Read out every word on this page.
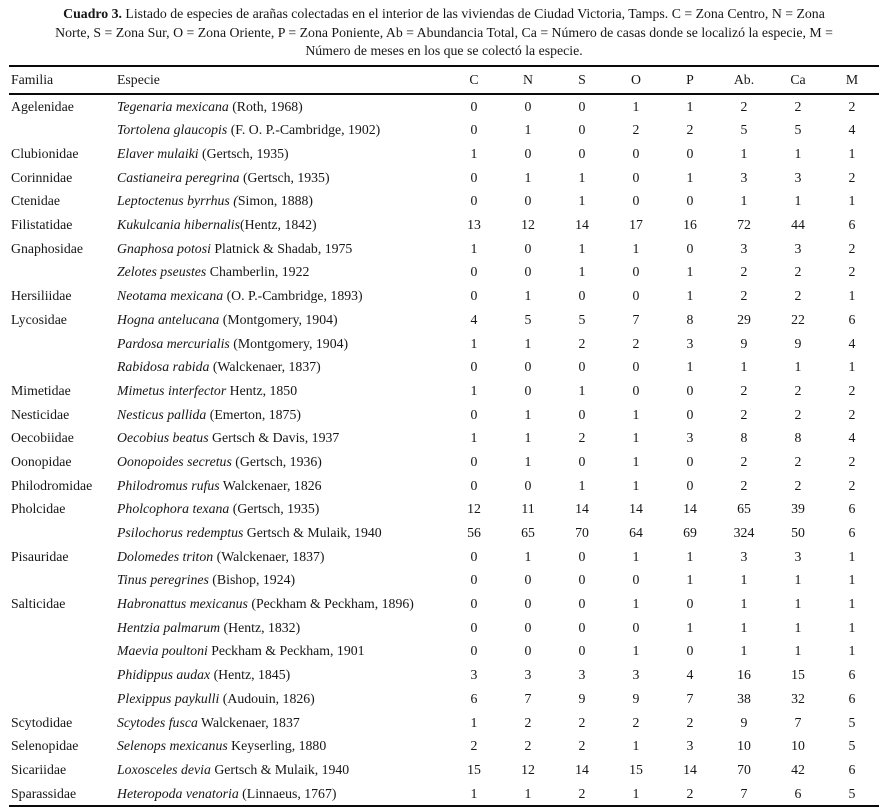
Cuadro 3. Listado de especies de arañas colectadas en el interior de las viviendas de Ciudad Victoria, Tamps. C = Zona Centro, N = Zona
Norte, S = Zona Sur, O = Zona Oriente, P = Zona Poniente, Ab = Abundancia Total, Ca = Número de casas donde se localizó la especie, M =
Número de meses en los que se colectó la especie.
Familia	Especie	C	N	S	O	P	Ab.	Ca	M
Agelenidae	Tegenaria mexicana (Roth, 1968)	0	0	0	1	1	2	2	2
	Tortolena glaucopis (F. O. P.-Cambridge, 1902)	0	1	0	2	2	5	5	4
Clubionidae	Elaver mulaiki (Gertsch, 1935)	1	0	0	0	0	1	1	1
Corinnidae	Castianeira peregrina (Gertsch, 1935)	0	1	1	0	1	3	3	2
Ctenidae	Leptoctenus byrrhus (Simon, 1888)	0	0	1	0	0	1	1	1
Filistatidae	Kukulcania hibernalis(Hentz, 1842)	13	12	14	17	16	72	44	6
Gnaphosidae	Gnaphosa potosi Platnick & Shadab, 1975	1	0	1	1	0	3	3	2
	Zelotes pseustes Chamberlin, 1922	0	0	1	0	1	2	2	2
Hersiliidae	Neotama mexicana (O. P.-Cambridge, 1893)	0	1	0	0	1	2	2	1
Lycosidae	Hogna antelucana (Montgomery, 1904)	4	5	5	7	8	29	22	6
	Pardosa mercurialis (Montgomery, 1904)	1	1	2	2	3	9	9	4
	Rabidosa rabida (Walckenaer, 1837)	0	0	0	0	1	1	1	1
Mimetidae	Mimetus interfector Hentz, 1850	1	0	1	0	0	2	2	2
Nesticidae	Nesticus pallida (Emerton, 1875)	0	1	0	1	0	2	2	2
Oecobiidae	Oecobius beatus Gertsch & Davis, 1937	1	1	2	1	3	8	8	4
Oonopidae	Oonopoides secretus (Gertsch, 1936)	0	1	0	1	0	2	2	2
Philodromidae	Philodromus rufus Walckenaer, 1826	0	0	1	1	0	2	2	2
Pholcidae	Pholcophora texana (Gertsch, 1935)	12	11	14	14	14	65	39	6
	Psilochorus redemptus Gertsch & Mulaik, 1940	56	65	70	64	69	324	50	6
Pisauridae	Dolomedes triton (Walckenaer, 1837)	0	1	0	1	1	3	3	1
	Tinus peregrines (Bishop, 1924)	0	0	0	0	1	1	1	1
Salticidae	Habronattus mexicanus (Peckham & Peckham, 1896)	0	0	0	1	0	1	1	1
	Hentzia palmarum (Hentz, 1832)	0	0	0	0	1	1	1	1
	Maevia poultoni Peckham & Peckham, 1901	0	0	0	1	0	1	1	1
	Phidippus audax (Hentz, 1845)	3	3	3	3	4	16	15	6
	Plexippus paykulli (Audouin, 1826)	6	7	9	9	7	38	32	6
Scytodidae	Scytodes fusca Walckenaer, 1837	1	2	2	2	2	9	7	5
Selenopidae	Selenops mexicanus Keyserling, 1880	2	2	2	1	3	10	10	5
Sicariidae	Loxosceles devia Gertsch & Mulaik, 1940	15	12	14	15	14	70	42	6
Sparassidae	Heteropoda venatoria (Linnaeus, 1767)	1	1	2	1	2	7	6	5
